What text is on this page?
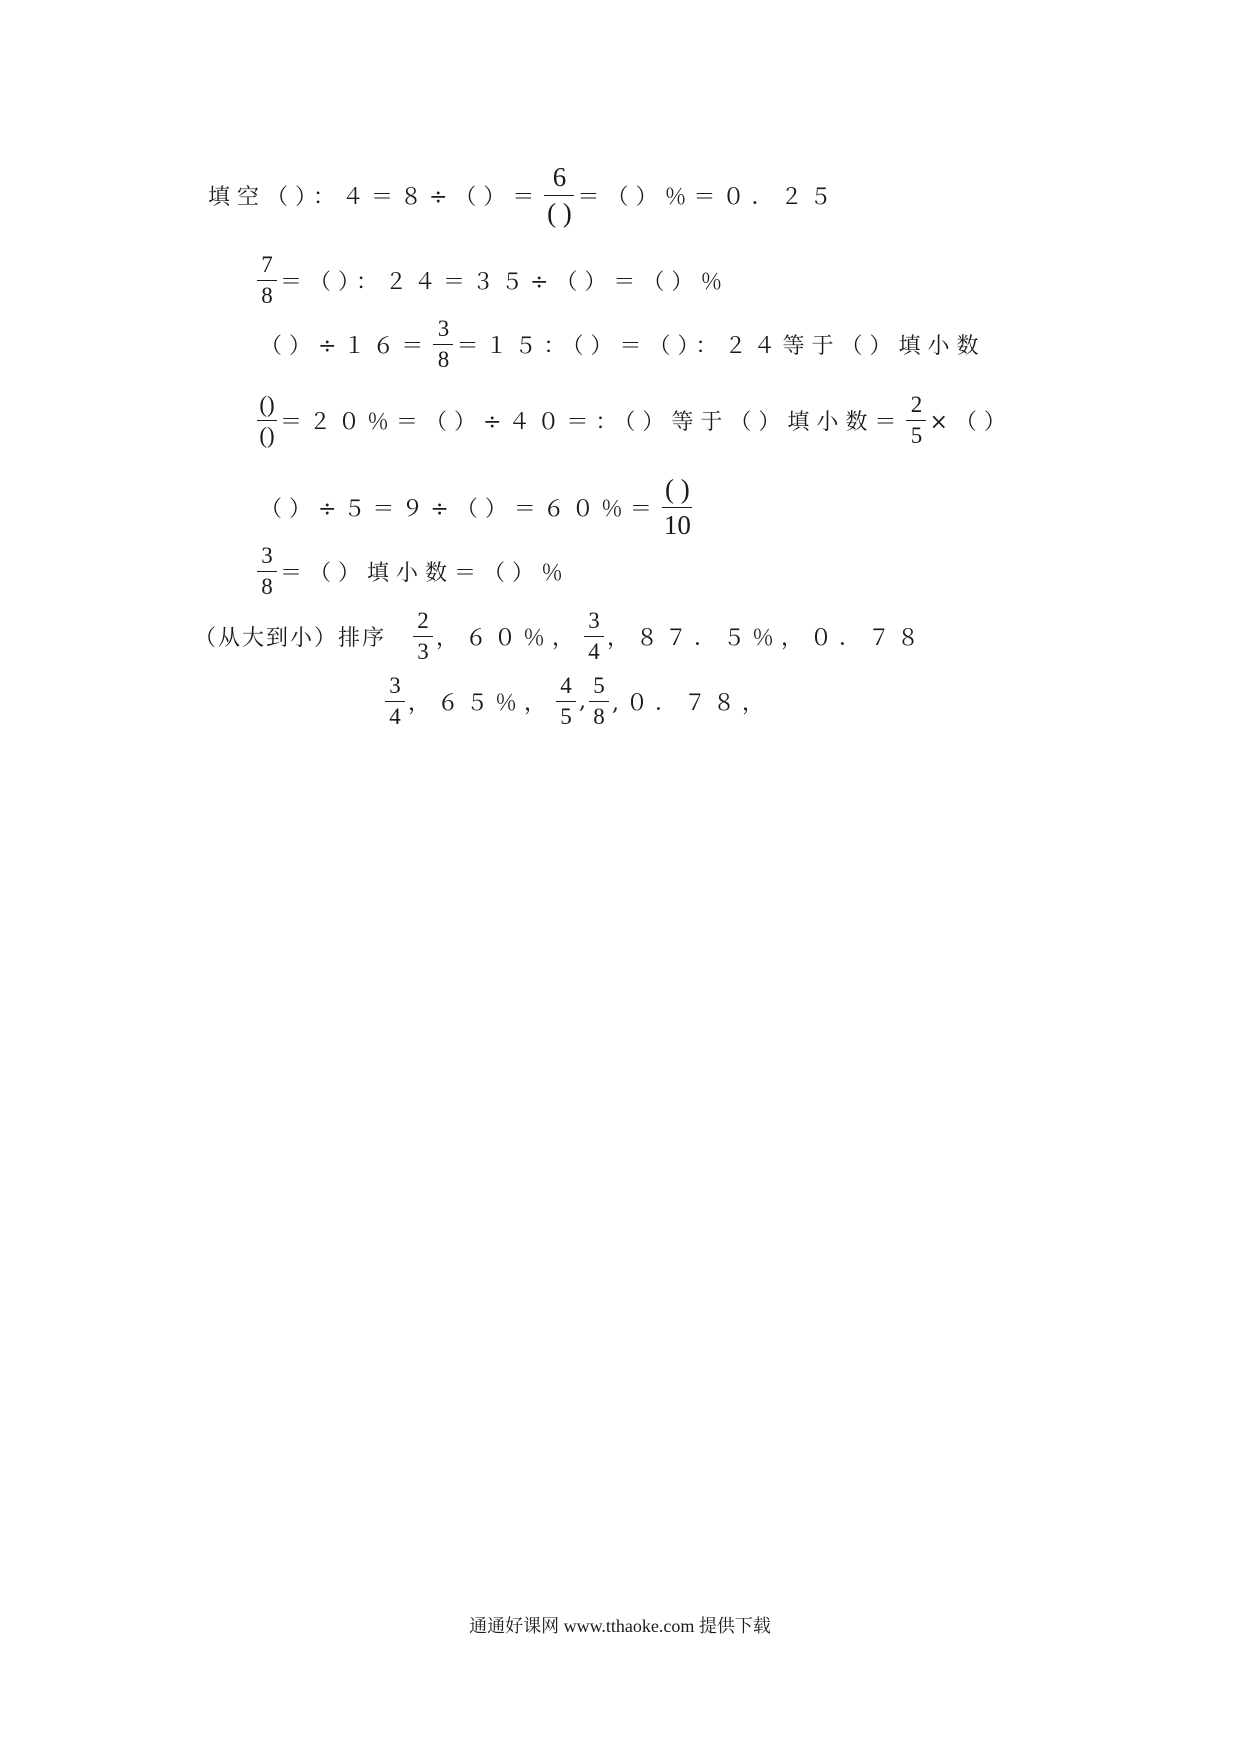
填空（）：$4=8\div()= \frac{6}{( )}$ ＝（）％＝０．２５
$\frac{7}{8}$ ＝（）：２４＝３５÷（）＝（）％
$()\div 16= \frac{3}{8} =15$：（）＝（）：２４等于（）填小数
$\frac{()}{()} =20$％＝（）÷４０＝：（）等于（）填小数＝ $\frac{2}{5}$ ×（）
（）÷５＝９÷（）＝６０％＝ $\frac{( )}{10}$
$\frac{3}{8}$ ＝（）填小数＝（）％
（从大到小）排序 $\frac{2}{3}$ ，６０％， $\frac{3}{4}$ ，８７．５％，０．７８
$\frac{3}{4}$ ，６５％， $\frac{4}{5}$ , $\frac{5}{8} ,0$．７８，
通通好课网 www.tthaoke.com 提供下载
